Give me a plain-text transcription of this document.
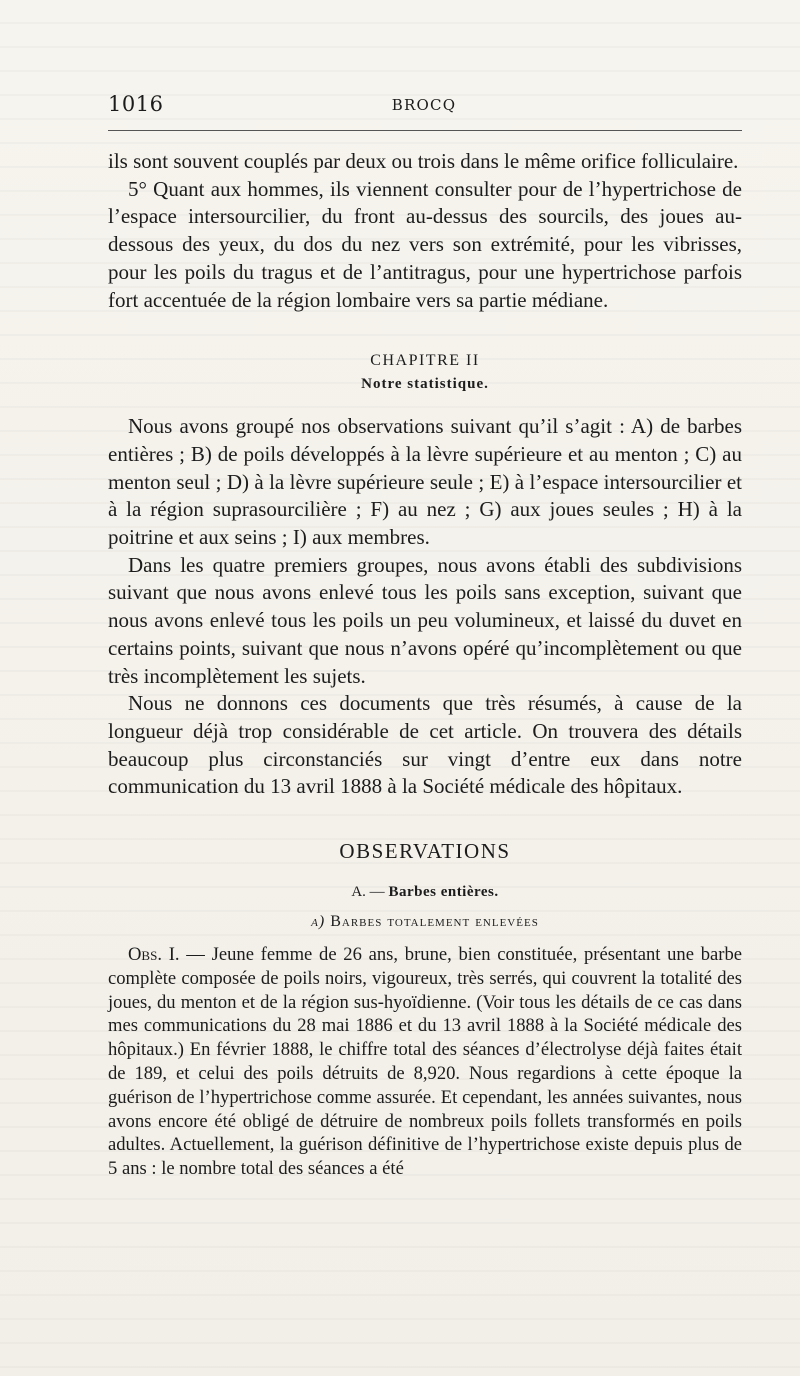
1016	BROCQ

ils sont souvent couplés par deux ou trois dans le même orifice folliculaire.

5° Quant aux hommes, ils viennent consulter pour de l’hypertrichose de l’espace intersourcilier, du front au-dessus des sourcils, des joues au-dessous des yeux, du dos du nez vers son extrémité, pour les vibrisses, pour les poils du tragus et de l’antitragus, pour une hypertrichose parfois fort accentuée de la région lombaire vers sa partie médiane.

CHAPITRE II
Notre statistique.

Nous avons groupé nos observations suivant qu’il s’agit : A) de barbes entières ; B) de poils développés à la lèvre supérieure et au menton ; C) au menton seul ; D) à la lèvre supérieure seule ; E) à l’espace intersourcilier et à la région suprasourcilière ; F) au nez ; G) aux joues seules ; H) à la poitrine et aux seins ; I) aux membres.

Dans les quatre premiers groupes, nous avons établi des subdivisions suivant que nous avons enlevé tous les poils sans exception, suivant que nous avons enlevé tous les poils un peu volumineux, et laissé du duvet en certains points, suivant que nous n’avons opéré qu’incomplètement ou que très incomplètement les sujets.

Nous ne donnons ces documents que très résumés, à cause de la longueur déjà trop considérable de cet article. On trouvera des détails beaucoup plus circonstanciés sur vingt d’entre eux dans notre communication du 13 avril 1888 à la Société médicale des hôpitaux.

OBSERVATIONS
A. — Barbes entières.
a) Barbes totalement enlevées

Obs. I. — Jeune femme de 26 ans, brune, bien constituée, présentant une barbe complète composée de poils noirs, vigoureux, très serrés, qui couvrent la totalité des joues, du menton et de la région sus-hyoïdienne. (Voir tous les détails de ce cas dans mes communications du 28 mai 1886 et du 13 avril 1888 à la Société médicale des hôpitaux.) En février 1888, le chiffre total des séances d’électrolyse déjà faites était de 189, et celui des poils détruits de 8,920. Nous regardions à cette époque la guérison de l’hypertrichose comme assurée. Et cependant, les années suivantes, nous avons encore été obligé de détruire de nombreux poils follets transformés en poils adultes. Actuellement, la guérison définitive de l’hypertrichose existe depuis plus de 5 ans : le nombre total des séances a été
